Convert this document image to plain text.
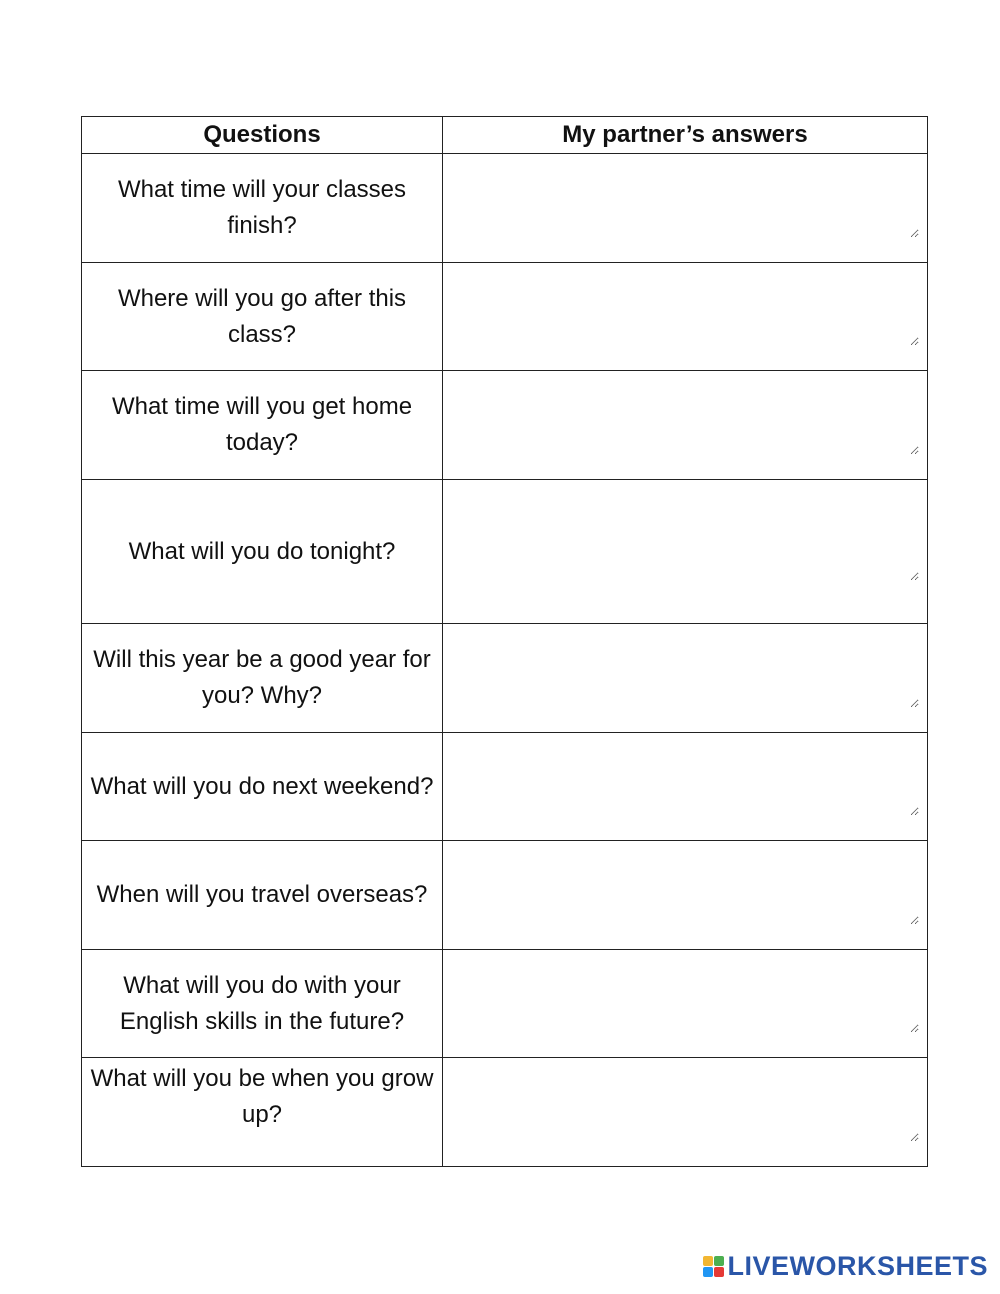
Questions	My partner’s answers
What time will your classes finish?	
Where will you go after this class?	
What time will you get home today?	
What will you do tonight?	
Will this year be a good year for you? Why?	
What will you do next weekend?	
When will you travel overseas?	
What will you do with your English skills in the future?	
What will you be when you grow up?	
LIVEWORKSHEETS
